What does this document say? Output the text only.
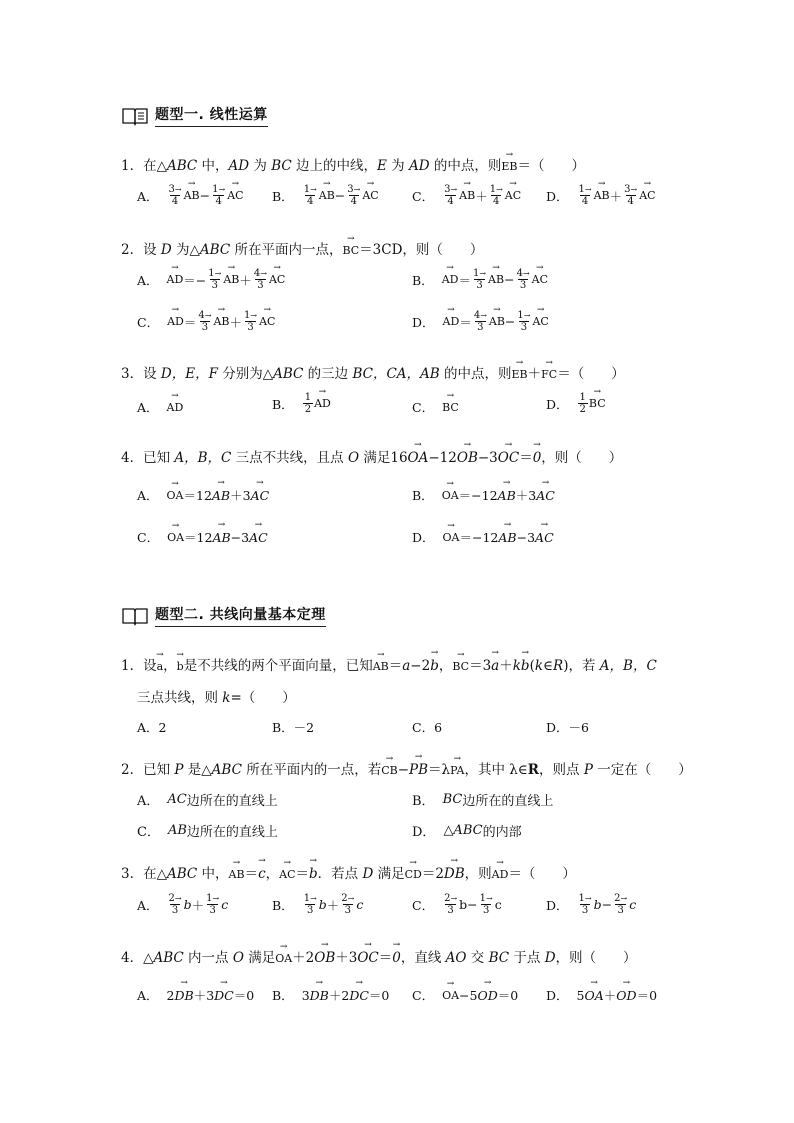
题型一. 线性运算
1．在△ABC 中，AD 为 BC 边上的中线，E 为 AD 的中点，则→ EB＝（　　）
A． $\frac{3 \to}{4}$ → AB − $\frac{1 \to}{4}$ → AC B． $\frac{1 \to}{4}$ → AB − $\frac{3 \to}{4}$ → AC	C． $\frac{3 \to}{4}$ → AB ＋ $\frac{1 \to}{4}$ → AC D． $\frac{1 \to}{4}$ → AB ＋ $\frac{3 \to}{4}$ → AC
2．设 D 为△ABC 所在平面内一点，→ BC＝3CD，则（　　）
A． → AD ＝− $\frac{1 \to}{3}$ → AB ＋ $\frac{4 \to}{3}$ → AC	B． → AD ＝ $\frac{1 \to}{3}$ → AB − $\frac{4 \to}{3}$ → AC
C． → AD ＝ $\frac{4 \to}{3}$ → AB ＋ $\frac{1 \to}{3}$ → AC	D． → AD ＝ $\frac{4 \to}{3}$ → AB − $\frac{1 \to}{3}$ → AC
3．设 D，E，F 分别为△ABC 的三边 BC，CA，AB 的中点，则→ EB＋→ FC＝（　　）
A． → AD	B． 1
2 → AD	C． → BC	D． 1
2 → BC
4．已知 A，B，C 三点不共线，且点 O 满足16→ OA−12→ OB−3→ OC＝→ 0，则（　　）
A． → OA ＝12 → AB ＋3 → AC	B． → OA ＝−12 → AB ＋3 → AC
C． → OA ＝12 → AB −3 → AC	D． → OA ＝−12 → AB −3 → AC
题型二. 共线向量基本定理
1．设→ a，→ b是不共线的两个平面向量，已知→ AB＝a−2→ b，→ BC＝3→ a＋k→ b(k∈R)，若 A，B，C
三点共线，则 k=（　　）
A．2	B．－2	C．6	D．－6
2．已知 P 是△ABC 所在平面内的一点，若→ CB−→ PB＝λ→ PA，其中 λ∈R，则点 P 一定在（　　）
A． AC 边所在的直线上	B． BC 边所在的直线上
C． AB 边所在的直线上	D． △ABC 的内部
3．在△ABC 中，→ AB＝→ c，→ AC＝→ b．若点 D 满足→ CD＝2→ DB，则→ AD＝（　　）
A． $\frac{2 \to}{3}$ $b + \frac{1 \to}{3}$ c	B． $\frac{1 \to}{3}$ $b + \frac{2 \to}{3}$ c	C． $\frac{2 \to}{3} b- \frac{1 \to}{3}$ c	D． $\frac{1 \to}{3}$ $b - \frac{2 \to}{3}$ c
4．△ABC 内一点 O 满足→ OA＋2→ OB＋3→ OC＝→ 0，直线 AO 交 BC 于点 D，则（　　）
A． 2 → DB ＋3 → DC ＝0 B． 3 → DB ＋2 → DC ＝0 C． → OA −5 → OD ＝0 D． 5 → OA ＋ → OD ＝0
